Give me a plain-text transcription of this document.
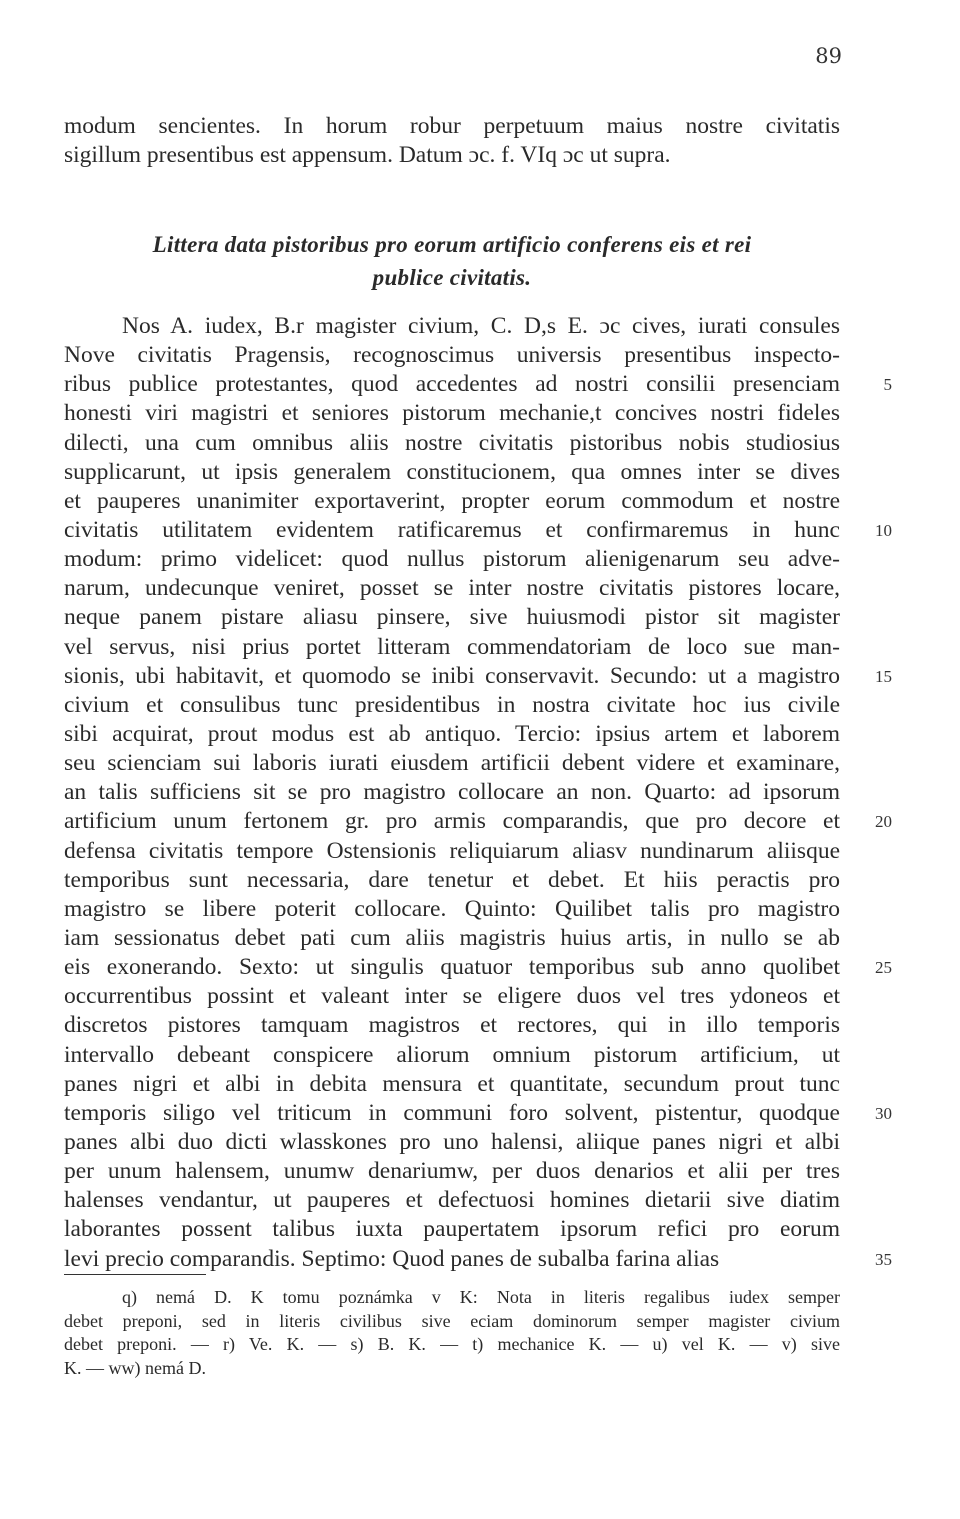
89
modum sencientes. In horum robur perpetuum maius nostre civitatis
sigillum presentibus est appensum. Datum ɔc. f. VIq ɔc ut supra.
Littera data pistoribus pro eorum artificio conferens eis et rei
publice civitatis.
Nos A. iudex, B.r magister civium, C. D,s E. ɔc cives, iurati consules
Nove civitatis Pragensis, recognoscimus universis presentibus inspecto-
ribus publice protestantes, quod accedentes ad nostri consilii presenciam	5
honesti viri magistri et seniores pistorum mechanie,t concives nostri fideles
dilecti, una cum omnibus aliis nostre civitatis pistoribus nobis studiosius
supplicarunt, ut ipsis generalem constitucionem, qua omnes inter se dives
et pauperes unanimiter exportaverint, propter eorum commodum et nostre
civitatis utilitatem evidentem ratificaremus et confirmaremus in hunc 10
modum: primo videlicet: quod nullus pistorum alienigenarum seu adve-
narum, undecunque veniret, posset se inter nostre civitatis pistores locare,
neque panem pistare aliasu pinsere, sive huiusmodi pistor sit magister
vel servus, nisi prius portet litteram commendatoriam de loco sue man-
sionis, ubi habitavit, et quomodo se inibi conservavit. Secundo: ut a magistro 15
civium et consulibus tunc presidentibus in nostra civitate hoc ius civile
sibi acquirat, prout modus est ab antiquo. Tercio: ipsius artem et laborem
seu scienciam sui laboris iurati eiusdem artificii debent videre et examinare,
an talis sufficiens sit se pro magistro collocare an non. Quarto: ad ipsorum
artificium unum fertonem gr. pro armis comparandis, que pro decore et 20
defensa civitatis tempore Ostensionis reliquiarum aliasv nundinarum aliisque
temporibus sunt necessaria, dare tenetur et debet. Et hiis peractis pro
magistro se libere poterit collocare. Quinto: Quilibet talis pro magistro
iam sessionatus debet pati cum aliis magistris huius artis, in nullo se ab
eis exonerando. Sexto: ut singulis quatuor temporibus sub anno quolibet 25
occurrentibus possint et valeant inter se eligere duos vel tres ydoneos et
discretos pistores tamquam magistros et rectores, qui in illo temporis
intervallo debeant conspicere aliorum omnium pistorum artificium, ut
panes nigri et albi in debita mensura et quantitate, secundum prout tunc
temporis siligo vel triticum in communi foro solvent, pistentur, quodque 30
panes albi duo dicti wlasskones pro uno halensi, aliique panes nigri et albi
per unum halensem, unumw denariumw, per duos denarios et alii per tres
halenses vendantur, ut pauperes et defectuosi homines dietarii sive diatim
laborantes possent talibus iuxta paupertatem ipsorum refici pro eorum
levi precio comparandis. Septimo: Quod panes de subalba farina alias	35
q) nemá D. K tomu poznámka v K: Nota in literis regalibus iudex semper
debet preponi, sed in literis civilibus sive eciam dominorum semper magister civium
debet preponi. — r) Ve. K. — s) B. K. — t) mechanice K. — u) vel K. — v) sive
K. — ww) nemá D.
